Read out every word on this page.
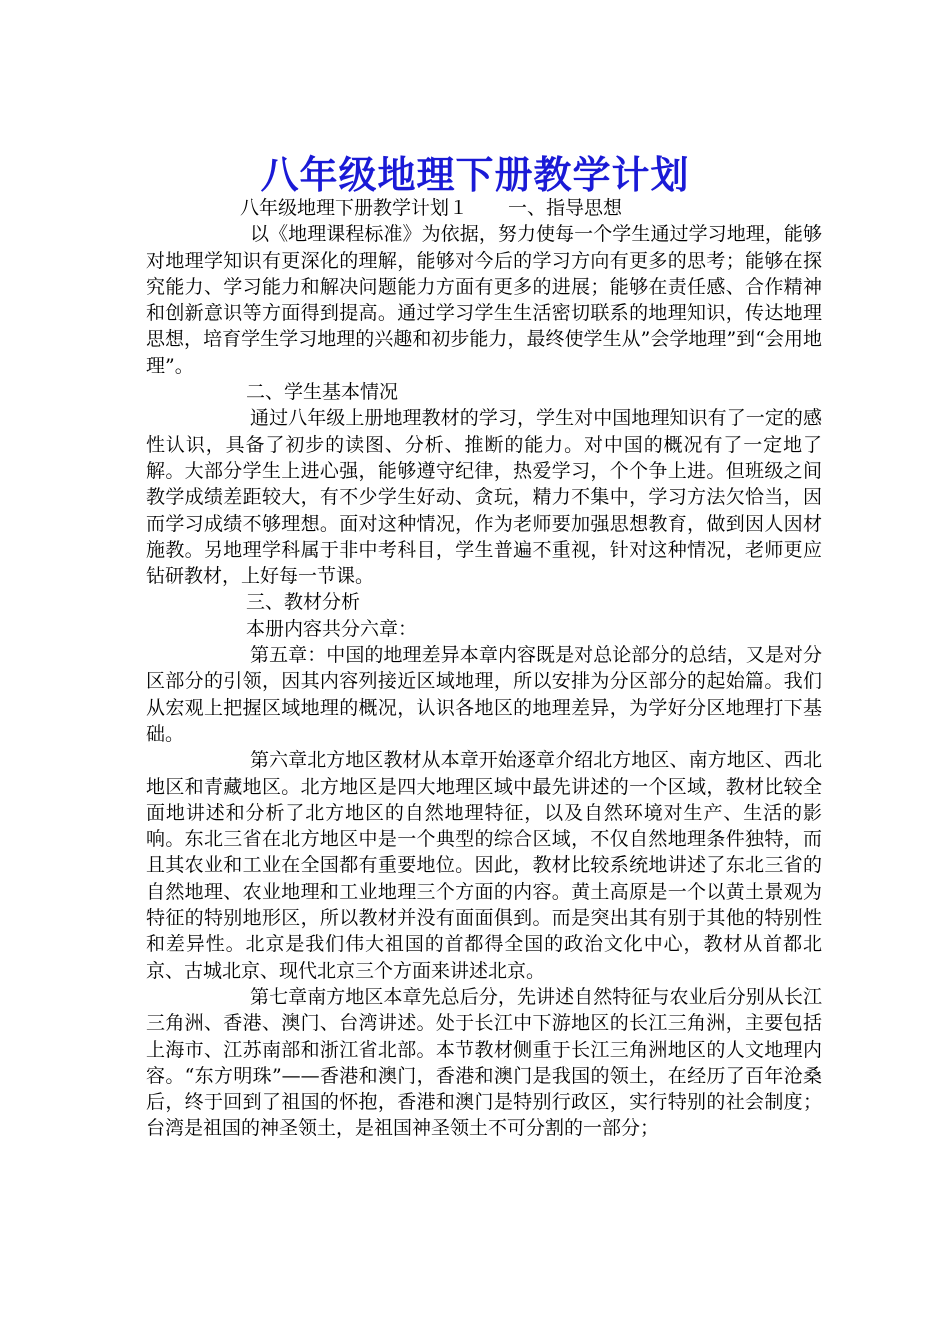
八年级地理下册教学计划

八年级地理下册教学计划１ 一、指导思想

以《地理课程标准》为依据，努力使每一个学生通过学习地理，能够对地理学知识有更深化的理解，能够对今后的学习方向有更多的思考；能够在探究能力、学习能力和解决问题能力方面有更多的进展；能够在责任感、合作精神和创新意识等方面得到提高。通过学习学生生活密切联系的地理知识，传达地理思想，培育学生学习地理的兴趣和初步能力，最终使学生从”会学地理”到“会用地理”。

二、学生基本情况

通过八年级上册地理教材的学习，学生对中国地理知识有了一定的感性认识，具备了初步的读图、分析、推断的能力。对中国的概况有了一定地了解。大部分学生上进心强，能够遵守纪律，热爱学习，个个争上进。但班级之间教学成绩差距较大，有不少学生好动、贪玩，精力不集中，学习方法欠恰当，因而学习成绩不够理想。面对这种情况，作为老师要加强思想教育，做到因人因材施教。另地理学科属于非中考科目，学生普遍不重视，针对这种情况，老师更应钻研教材，上好每一节课。

三、教材分析

本册内容共分六章：

第五章：中国的地理差异本章内容既是对总论部分的总结，又是对分区部分的引领，因其内容列接近区域地理，所以安排为分区部分的起始篇。我们从宏观上把握区域地理的概况，认识各地区的地理差异，为学好分区地理打下基础。

第六章北方地区教材从本章开始逐章介绍北方地区、南方地区、西北地区和青藏地区。北方地区是四大地理区域中最先讲述的一个区域，教材比较全面地讲述和分析了北方地区的自然地理特征，以及自然环境对生产、生活的影响。东北三省在北方地区中是一个典型的综合区域，不仅自然地理条件独特，而且其农业和工业在全国都有重要地位。因此，教材比较系统地讲述了东北三省的自然地理、农业地理和工业地理三个方面的内容。黄土高原是一个以黄土景观为特征的特别地形区，所以教材并没有面面俱到。而是突出其有别于其他的特别性和差异性。北京是我们伟大祖国的首都得全国的政治文化中心，教材从首都北京、古城北京、现代北京三个方面来讲述北京。

第七章南方地区本章先总后分，先讲述自然特征与农业后分别从长江三角洲、香港、澳门、台湾讲述。处于长江中下游地区的长江三角洲，主要包括上海市、江苏南部和浙江省北部。本节教材侧重于长江三角洲地区的人文地理内容。“东方明珠”——香港和澳门，香港和澳门是我国的领土，在经历了百年沧桑后，终于回到了祖国的怀抱，香港和澳门是特别行政区，实行特别的社会制度；台湾是祖国的神圣领土，是祖国神圣领土不可分割的一部分；
